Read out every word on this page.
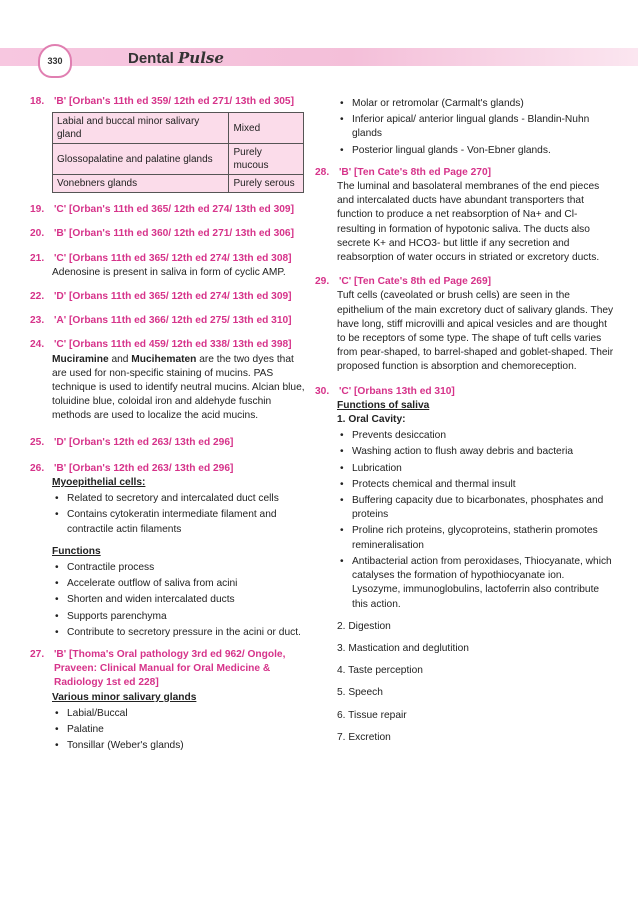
330	Dental Pulse
18. 'B' [Orban's 11th ed 359/ 12th ed 271/ 13th ed 305]
Labial and buccal minor salivary gland	Mixed
Glossopalatine and palatine glands	Purely mucous
Vonebners glands	Purely serous
19. 'C' [Orban's 11th ed 365/ 12th ed 274/ 13th ed 309]
20. 'B' [Orban's 11th ed 360/ 12th ed 271/ 13th ed 306]
21. 'C' [Orbans 11th ed 365/ 12th ed 274/ 13th ed 308]
Adenosine is present in saliva in form of cyclic AMP.
22. 'D' [Orbans 11th ed 365/ 12th ed 274/ 13th ed 309]
23. 'A' [Orbans 11th ed 366/ 12th ed 275/ 13th ed 310]
24. 'C' [Orbans 11th ed 459/ 12th ed 338/ 13th ed 398]
Muciramine and Mucihematen are the two dyes that are used for non-specific staining of mucins. PAS technique is used to identify neutral mucins. Alcian blue, toluidine blue, coloidal iron and aldehyde fuschin methods are used to localize the acid mucins.
25. 'D' [Orban's 12th ed 263/ 13th ed 296]
26. 'B' [Orban's 12th ed 263/ 13th ed 296]
Myoepithelial cells:
• Related to secretory and intercalated duct cells
• Contains cytokeratin intermediate filament and contractile actin filaments
Functions
• Contractile process
• Accelerate outflow of saliva from acini
• Shorten and widen intercalated ducts
• Supports parenchyma
• Contribute to secretory pressure in the acini or duct.
27. 'B' [Thoma's Oral pathology 3rd ed 962/ Ongole, Praveen: Clinical Manual for Oral Medicine & Radiology 1st ed 228]
Various minor salivary glands
• Labial/Buccal
• Palatine
• Tonsillar (Weber's glands)
• Molar or retromolar (Carmalt's glands)
• Inferior apical/ anterior lingual glands - Blandin-Nuhn glands
• Posterior lingual glands - Von-Ebner glands.
28. 'B' [Ten Cate's 8th ed Page 270]
The luminal and basolateral membranes of the end pieces and intercalated ducts have abundant transporters that function to produce a net reabsorption of Na+ and Cl- resulting in formation of hypotonic saliva. The ducts also secrete K+ and HCO3- but little if any secretion and reabsorption of water occurs in striated or excretory ducts.
29. 'C' [Ten Cate's 8th ed Page 269]
Tuft cells (caveolated or brush cells) are seen in the epithelium of the main excretory duct of salivary glands. They have long, stiff microvilli and apical vesicles and are thought to be receptors of some type. The shape of tuft cells varies from pear-shaped, to barrel-shaped and goblet-shaped. Their proposed function is absorption and chemoreception.
30. 'C' [Orbans 13th ed 310]
Functions of saliva
1. Oral Cavity:
• Prevents desiccation
• Washing action to flush away debris and bacteria
• Lubrication
• Protects chemical and thermal insult
• Buffering capacity due to bicarbonates, phosphates and proteins
• Proline rich proteins, glycoproteins, statherin promotes remineralisation
• Antibacterial action from peroxidases, Thiocyanate, which catalyses the formation of hypothiocyanate ion. Lysozyme, immunoglobulins, lactoferrin also contribute this action.
2. Digestion
3. Mastication and deglutition
4. Taste perception
5. Speech
6. Tissue repair
7. Excretion
